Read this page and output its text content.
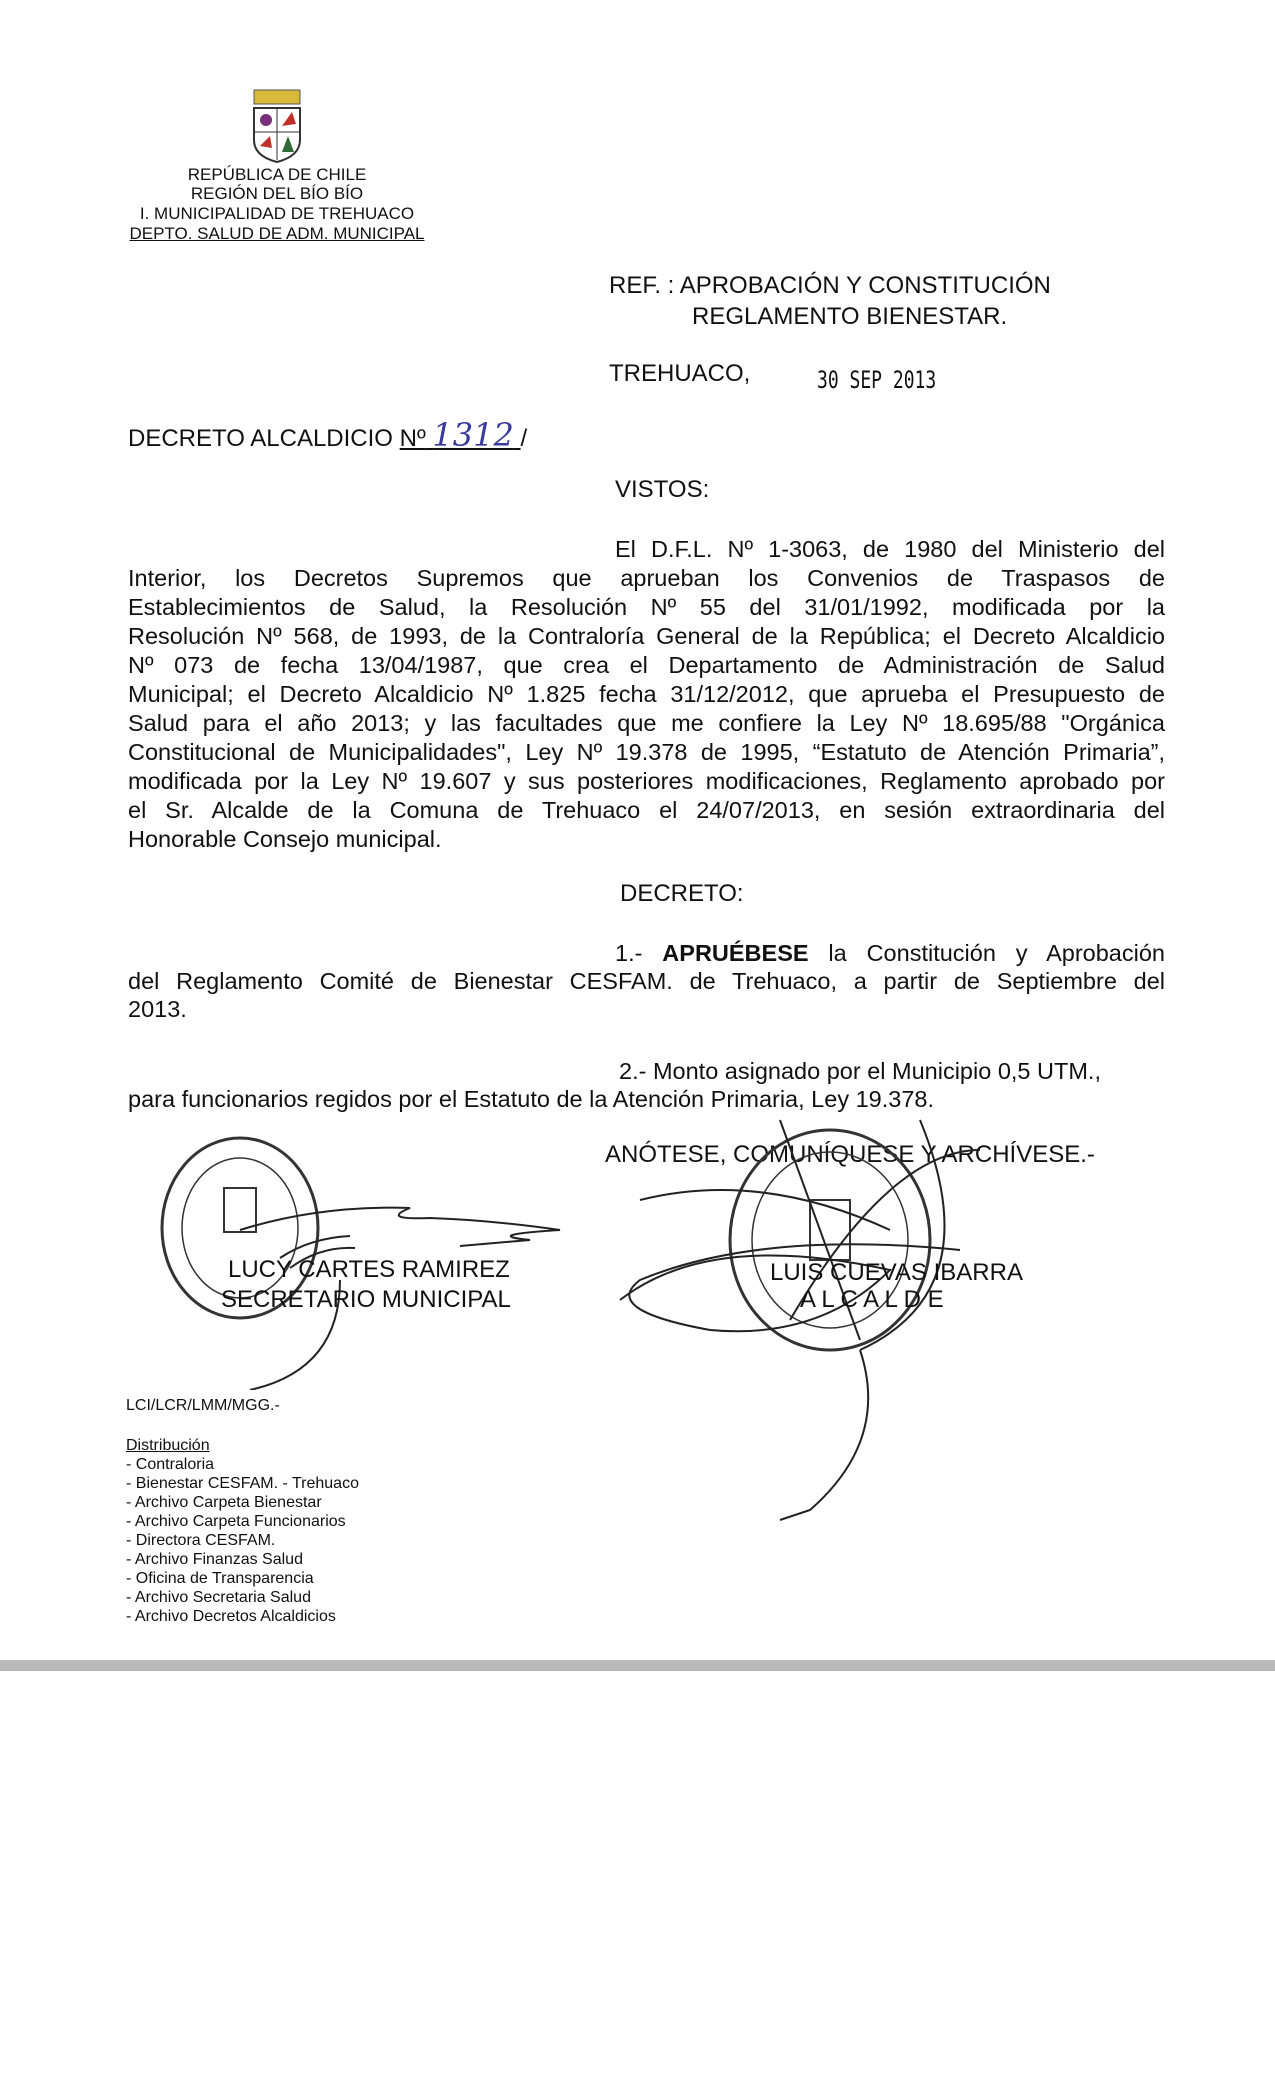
REPÚBLICA DE CHILE
REGIÓN DEL BÍO BÍO
I. MUNICIPALIDAD DE TREHUACO
DEPTO. SALUD DE ADM. MUNICIPAL
REF. : APROBACIÓN Y CONSTITUCIÓN
REGLAMENTO BIENESTAR.
TREHUACO,	30 SEP 2013
DECRETO ALCALDICIO Nº 1312 /
VISTOS:
El D.F.L. Nº 1-3063, de 1980 del Ministerio del
Interior, los Decretos Supremos que aprueban los Convenios de Traspasos de
Establecimientos de Salud, la Resolución Nº 55 del 31/01/1992, modificada por la
Resolución Nº 568, de 1993, de la Contraloría General de la República; el Decreto Alcaldicio
Nº 073 de fecha 13/04/1987, que crea el Departamento de Administración de Salud
Municipal; el Decreto Alcaldicio Nº 1.825 fecha 31/12/2012, que aprueba el Presupuesto de
Salud para el año 2013; y las facultades que me confiere la Ley Nº 18.695/88 "Orgánica
Constitucional de Municipalidades", Ley Nº 19.378 de 1995, “Estatuto de Atención Primaria”,
modificada por la Ley Nº 19.607 y sus posteriores modificaciones, Reglamento aprobado por
el Sr. Alcalde de la Comuna de Trehuaco el 24/07/2013, en sesión extraordinaria del
Honorable Consejo municipal.
DECRETO:
1.- APRUÉBESE la Constitución y Aprobación
del Reglamento Comité de Bienestar CESFAM. de Trehuaco, a partir de Septiembre del
2013.
2.- Monto asignado por el Municipio 0,5 UTM.,
para funcionarios regidos por el Estatuto de la Atención Primaria, Ley 19.378.
ANÓTESE, COMUNÍQUESE Y ARCHÍVESE.-
LUCY CARTES RAMIREZ
SECRETARIO MUNICIPAL
LUIS CUEVAS IBARRA
A L C A L D E
LCI/LCR/LMM/MGG.-
Distribución
- Contraloria
- Bienestar CESFAM. - Trehuaco
- Archivo Carpeta Bienestar
- Archivo Carpeta Funcionarios
- Directora CESFAM.
- Archivo Finanzas Salud
- Oficina de Transparencia
- Archivo Secretaria Salud
- Archivo Decretos Alcaldicios
